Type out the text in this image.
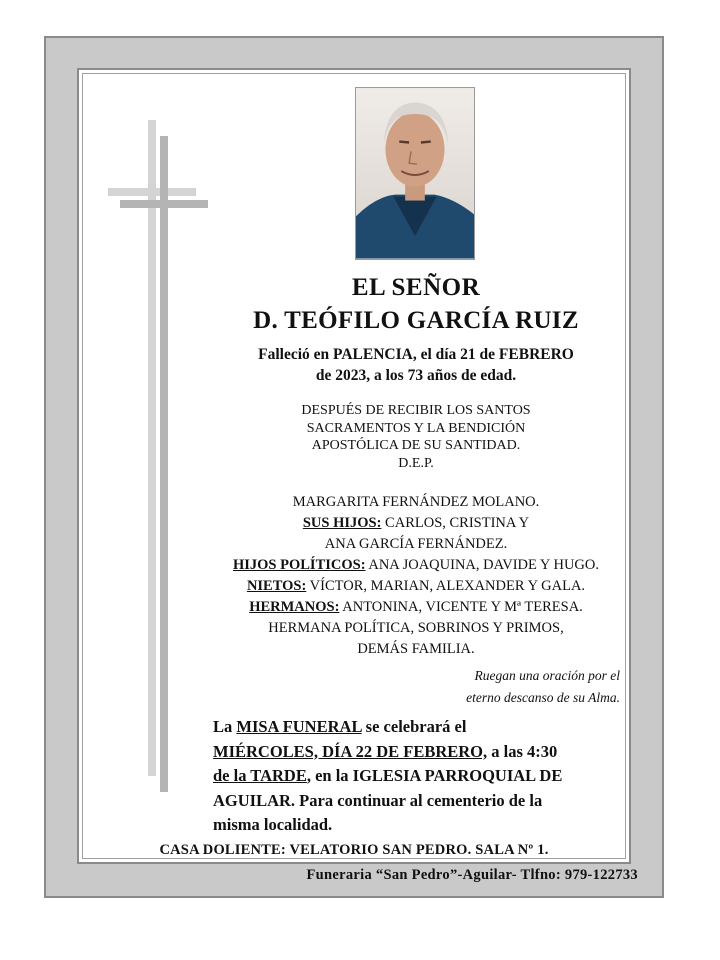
EL SEÑOR
D. TEÓFILO GARCÍA RUIZ
Falleció en PALENCIA, el día 21 de FEBRERO
de 2023, a los 73 años de edad.
DESPUÉS DE RECIBIR LOS SANTOS
SACRAMENTOS Y LA BENDICIÓN
APOSTÓLICA DE SU SANTIDAD.
D.E.P.
MARGARITA FERNÁNDEZ MOLANO.
SUS HIJOS: CARLOS, CRISTINA Y
ANA GARCÍA FERNÁNDEZ.
HIJOS POLÍTICOS: ANA JOAQUINA, DAVIDE Y HUGO.
NIETOS: VÍCTOR, MARIAN, ALEXANDER Y GALA.
HERMANOS: ANTONINA, VICENTE Y Mª TERESA.
HERMANA POLÍTICA, SOBRINOS Y PRIMOS,
DEMÁS FAMILIA.
Ruegan una oración por el
eterno descanso de su Alma.
La MISA FUNERAL se celebrará el
MIÉRCOLES, DÍA 22 DE FEBRERO, a las 4:30
de la TARDE, en la IGLESIA PARROQUIAL DE
AGUILAR. Para continuar al cementerio de la
misma localidad.
CASA DOLIENTE: VELATORIO SAN PEDRO. SALA Nº 1.
Funeraria “San Pedro”-Aguilar- Tlfno: 979-122733
